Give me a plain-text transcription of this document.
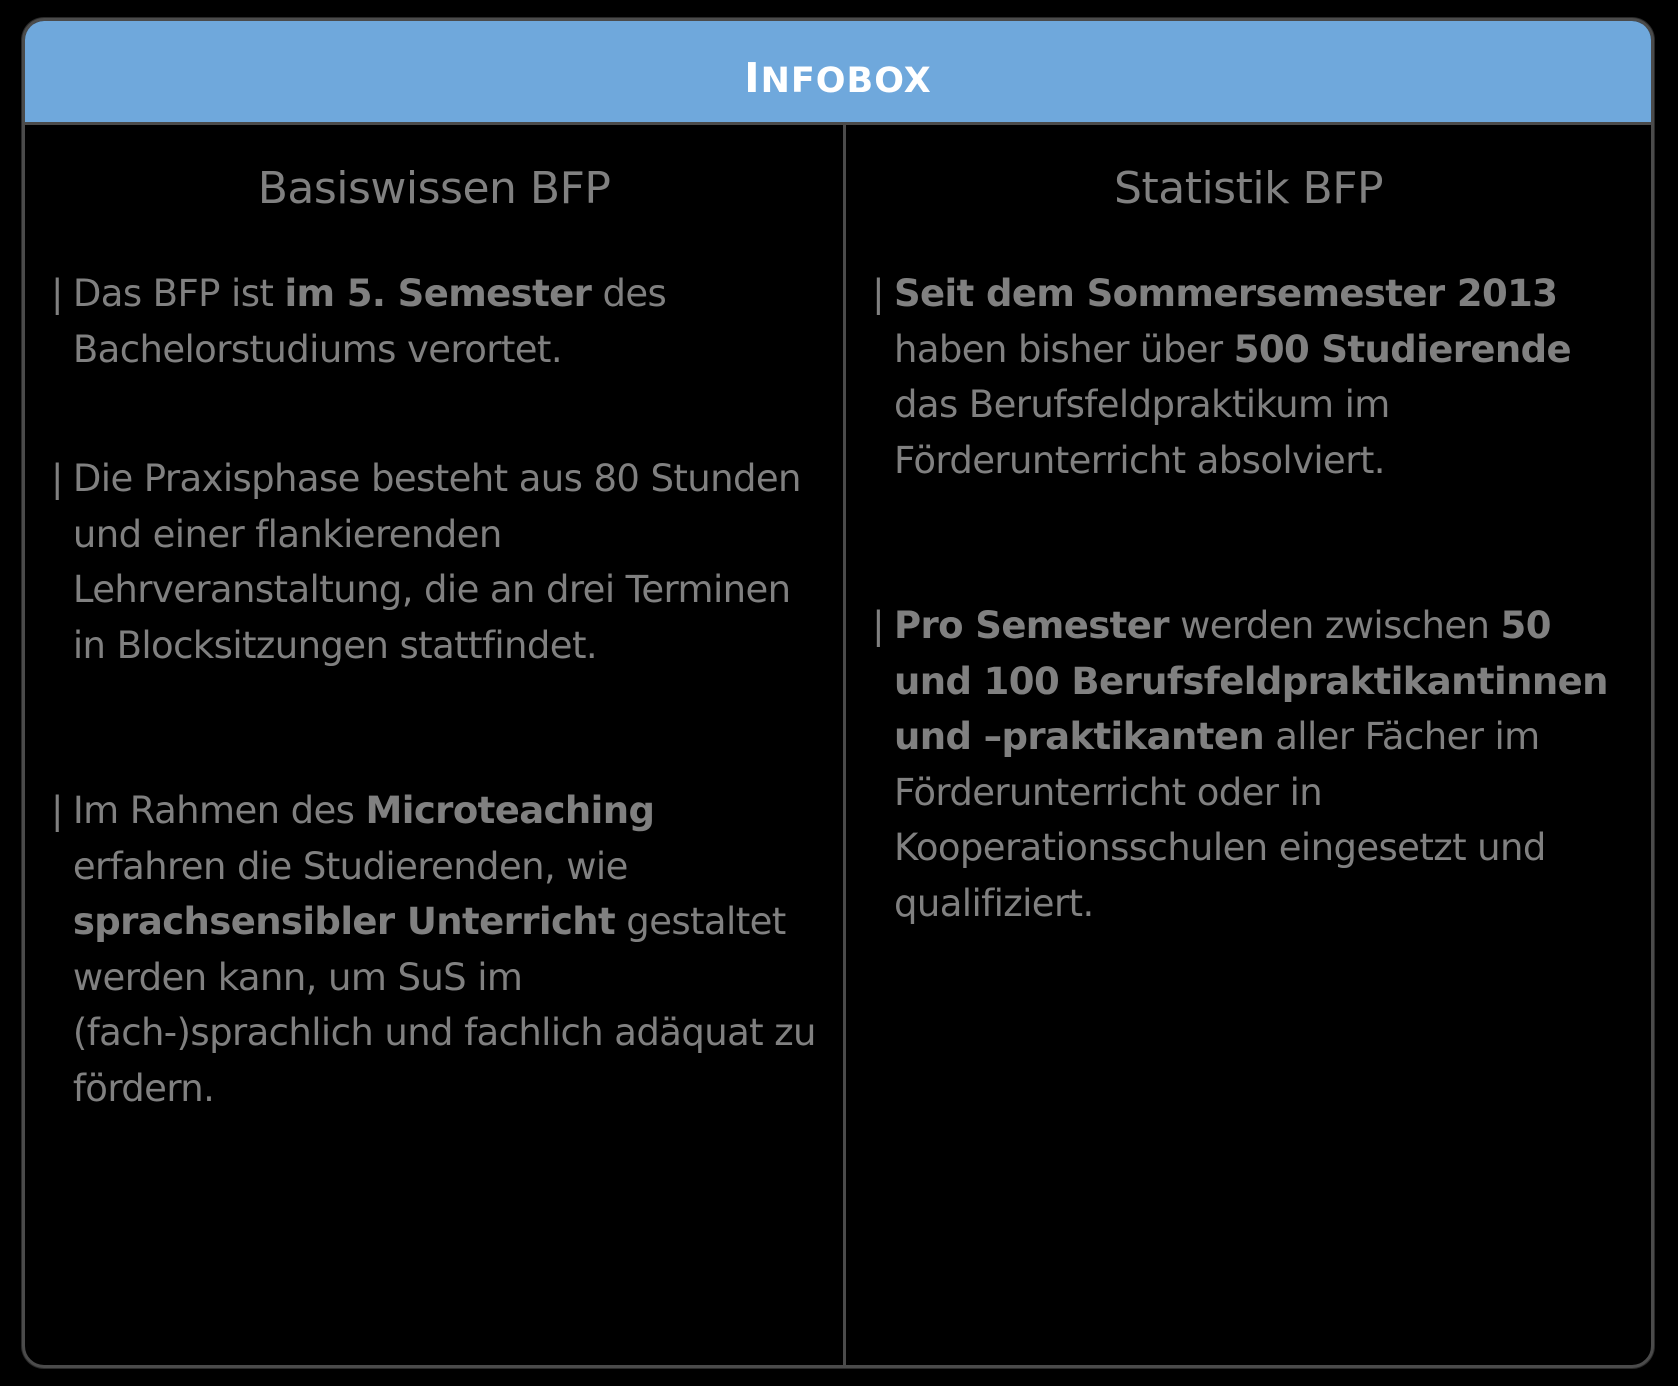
infobox
Basiswissen BFP
| Das BFP ist im 5. Semester des Bachelorstudiums verortet.
| Die Praxisphase besteht aus 80 Stunden und einer flankierenden Lehrveranstaltung, die an drei Terminen in Blocksitzungen stattfindet.
| Im Rahmen des Microteaching erfahren die Studierenden, wie sprachsensibler Unterricht gestaltet werden kann, um SuS im (fach-)sprachlich und fachlich adäquat zu fördern.
Statistik BFP
| Seit dem Sommersemester 2013 haben bisher über 500 Studierende das Berufsfeldpraktikum im Förderunterricht absolviert.
| Pro Semester werden zwischen 50 und 100 Berufsfeldpraktikantinnen und –praktikanten aller Fächer im Förderunterricht oder in Kooperationsschulen eingesetzt und qualifiziert.
